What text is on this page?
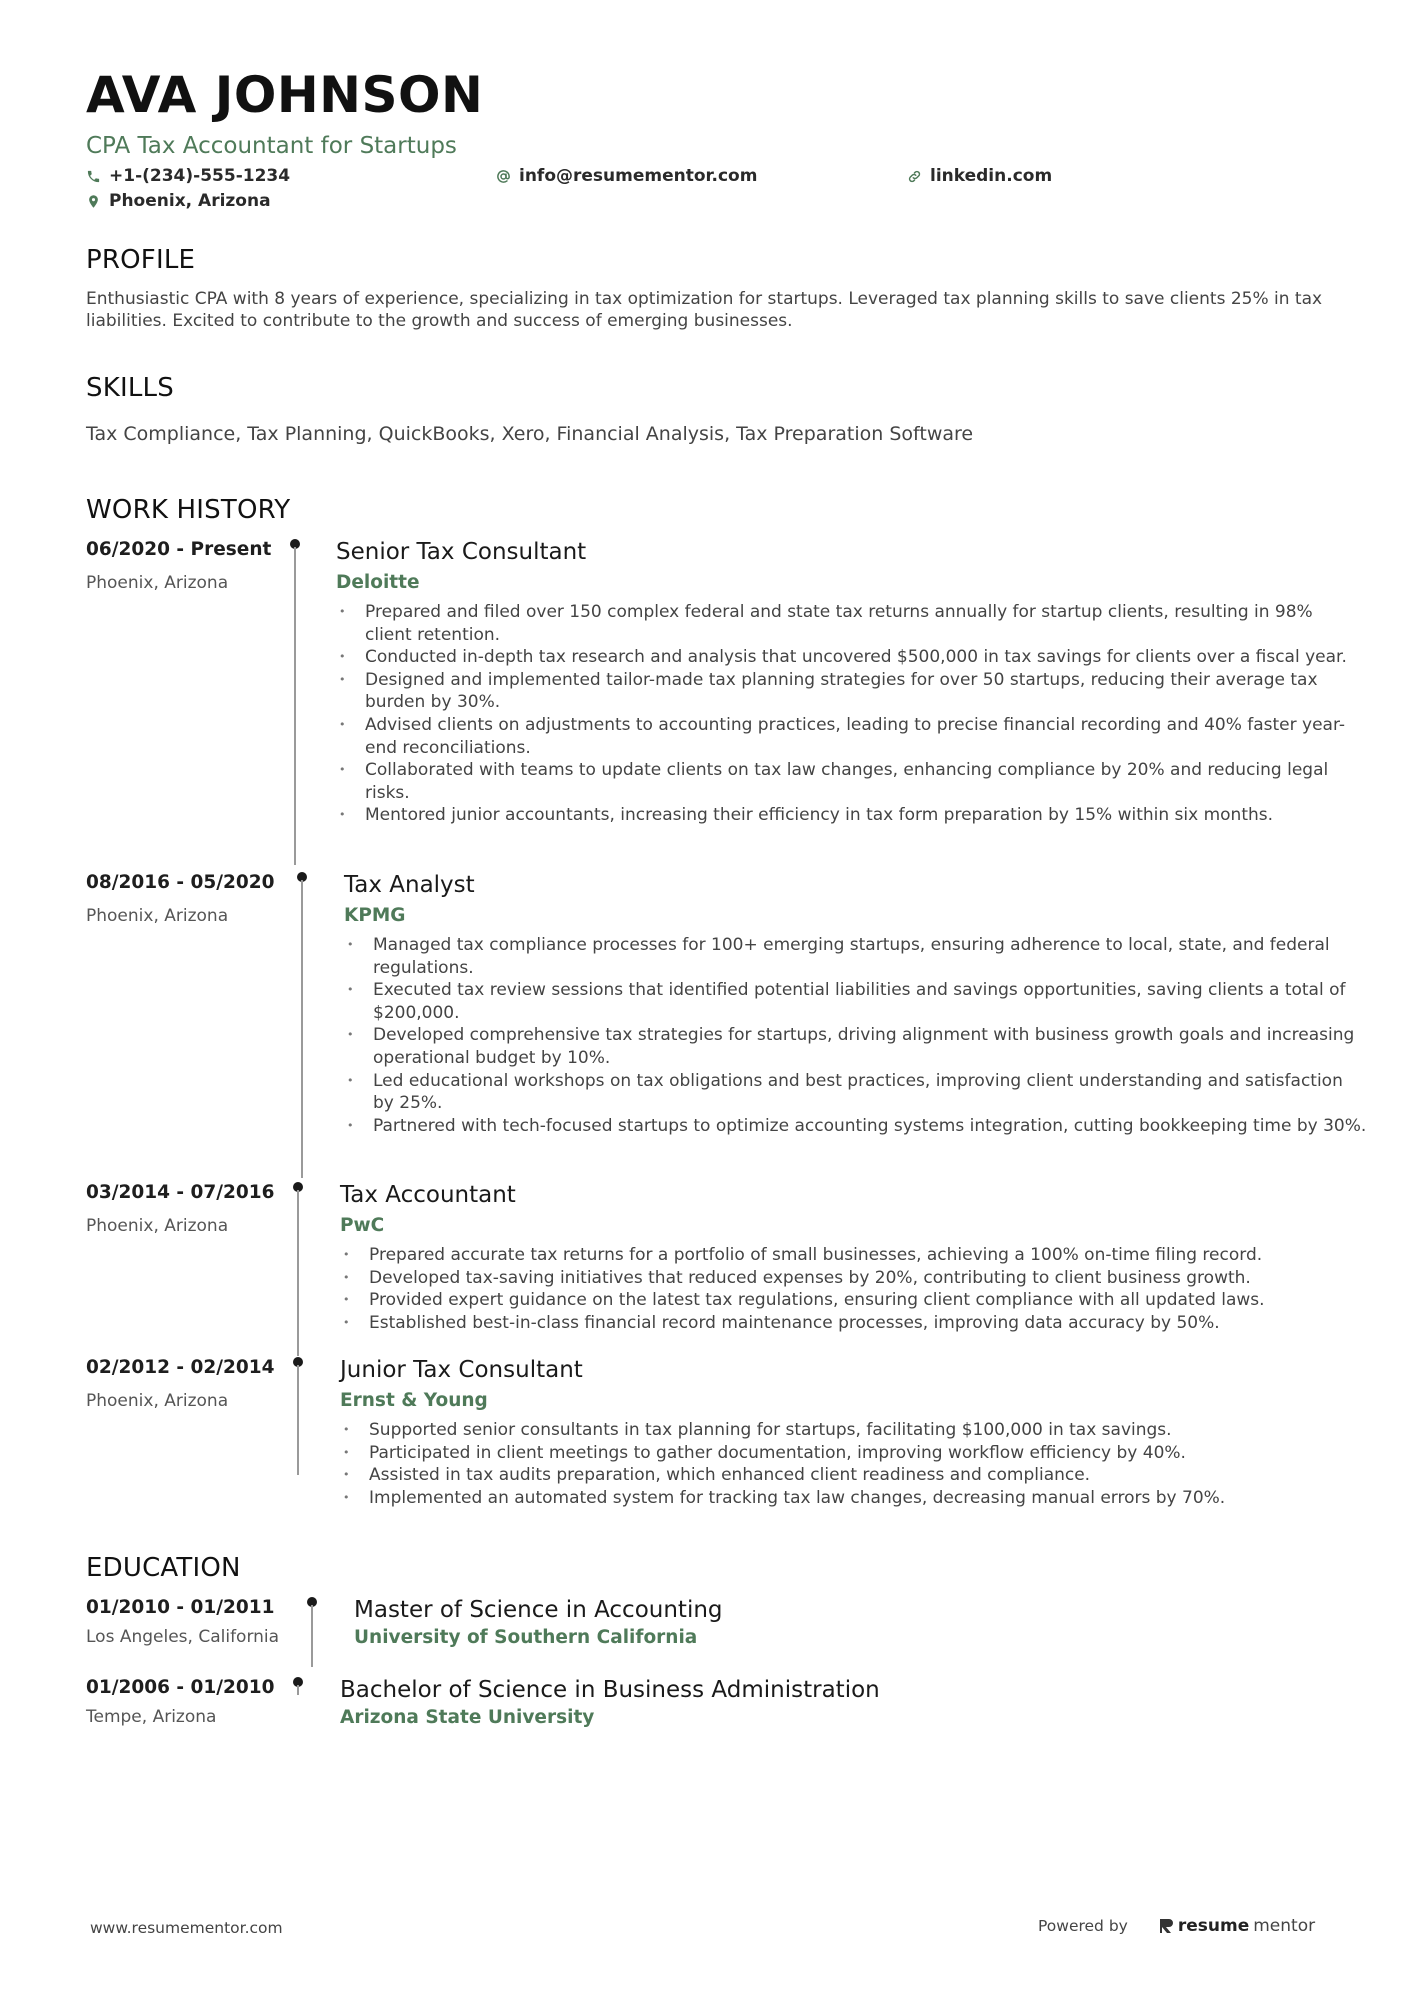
AVA JOHNSON
CPA Tax Accountant for Startups
+1-(234)-555-1234	info@resumementor.com	linkedin.com
Phoenix, Arizona
PROFILE
Enthusiastic CPA with 8 years of experience, specializing in tax optimization for startups. Leveraged tax planning skills to save clients 25% in tax liabilities. Excited to contribute to the growth and success of emerging businesses.
SKILLS
Tax Compliance, Tax Planning, QuickBooks, Xero, Financial Analysis, Tax Preparation Software
WORK HISTORY
06/2020 - Present
Phoenix, Arizona
Senior Tax Consultant
Deloitte
• Prepared and filed over 150 complex federal and state tax returns annually for startup clients, resulting in 98% client retention.
• Conducted in-depth tax research and analysis that uncovered $500,000 in tax savings for clients over a fiscal year.
• Designed and implemented tailor-made tax planning strategies for over 50 startups, reducing their average tax burden by 30%.
• Advised clients on adjustments to accounting practices, leading to precise financial recording and 40% faster year-end reconciliations.
• Collaborated with teams to update clients on tax law changes, enhancing compliance by 20% and reducing legal risks.
• Mentored junior accountants, increasing their efficiency in tax form preparation by 15% within six months.
08/2016 - 05/2020
Phoenix, Arizona
Tax Analyst
KPMG
• Managed tax compliance processes for 100+ emerging startups, ensuring adherence to local, state, and federal regulations.
• Executed tax review sessions that identified potential liabilities and savings opportunities, saving clients a total of $200,000.
• Developed comprehensive tax strategies for startups, driving alignment with business growth goals and increasing operational budget by 10%.
• Led educational workshops on tax obligations and best practices, improving client understanding and satisfaction by 25%.
• Partnered with tech-focused startups to optimize accounting systems integration, cutting bookkeeping time by 30%.
03/2014 - 07/2016
Phoenix, Arizona
Tax Accountant
PwC
• Prepared accurate tax returns for a portfolio of small businesses, achieving a 100% on-time filing record.
• Developed tax-saving initiatives that reduced expenses by 20%, contributing to client business growth.
• Provided expert guidance on the latest tax regulations, ensuring client compliance with all updated laws.
• Established best-in-class financial record maintenance processes, improving data accuracy by 50%.
02/2012 - 02/2014
Phoenix, Arizona
Junior Tax Consultant
Ernst & Young
• Supported senior consultants in tax planning for startups, facilitating $100,000 in tax savings.
• Participated in client meetings to gather documentation, improving workflow efficiency by 40%.
• Assisted in tax audits preparation, which enhanced client readiness and compliance.
• Implemented an automated system for tracking tax law changes, decreasing manual errors by 70%.
EDUCATION
01/2010 - 01/2011
Los Angeles, California
Master of Science in Accounting
University of Southern California
01/2006 - 01/2010
Tempe, Arizona
Bachelor of Science in Business Administration
Arizona State University
www.resumementor.com	Powered by	resume mentor
